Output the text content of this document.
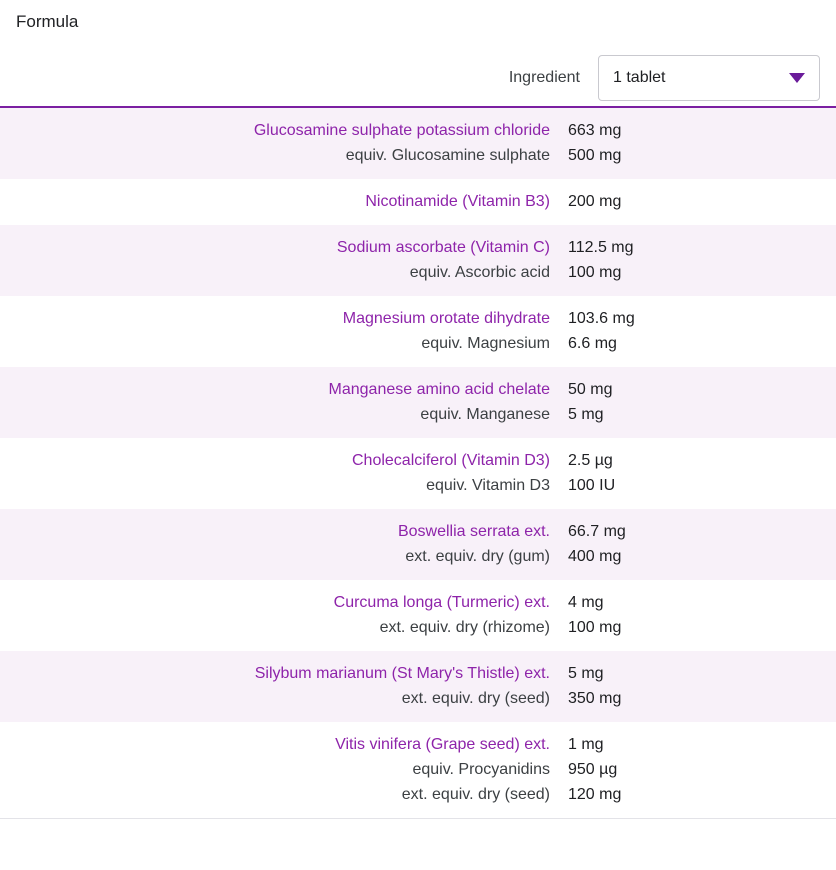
Formula
Ingredient	1 tablet
Glucosamine sulphate potassium chloride
equiv. Glucosamine sulphate
663 mg
500 mg
Nicotinamide (Vitamin B3) 200 mg
Sodium ascorbate (Vitamin C)
equiv. Ascorbic acid
112.5 mg
100 mg
Magnesium orotate dihydrate
equiv. Magnesium
103.6 mg
6.6 mg
Manganese amino acid chelate
equiv. Manganese
50 mg
5 mg
Cholecalciferol (Vitamin D3)
equiv. Vitamin D3
2.5 µg
100 IU
Boswellia serrata ext.
ext. equiv. dry (gum)
66.7 mg
400 mg
Curcuma longa (Turmeric) ext.
ext. equiv. dry (rhizome)
4 mg
100 mg
Silybum marianum (St Mary's Thistle) ext.
ext. equiv. dry (seed)
5 mg
350 mg
Vitis vinifera (Grape seed) ext.
equiv. Procyanidins
ext. equiv. dry (seed)
1 mg
950 µg
120 mg
